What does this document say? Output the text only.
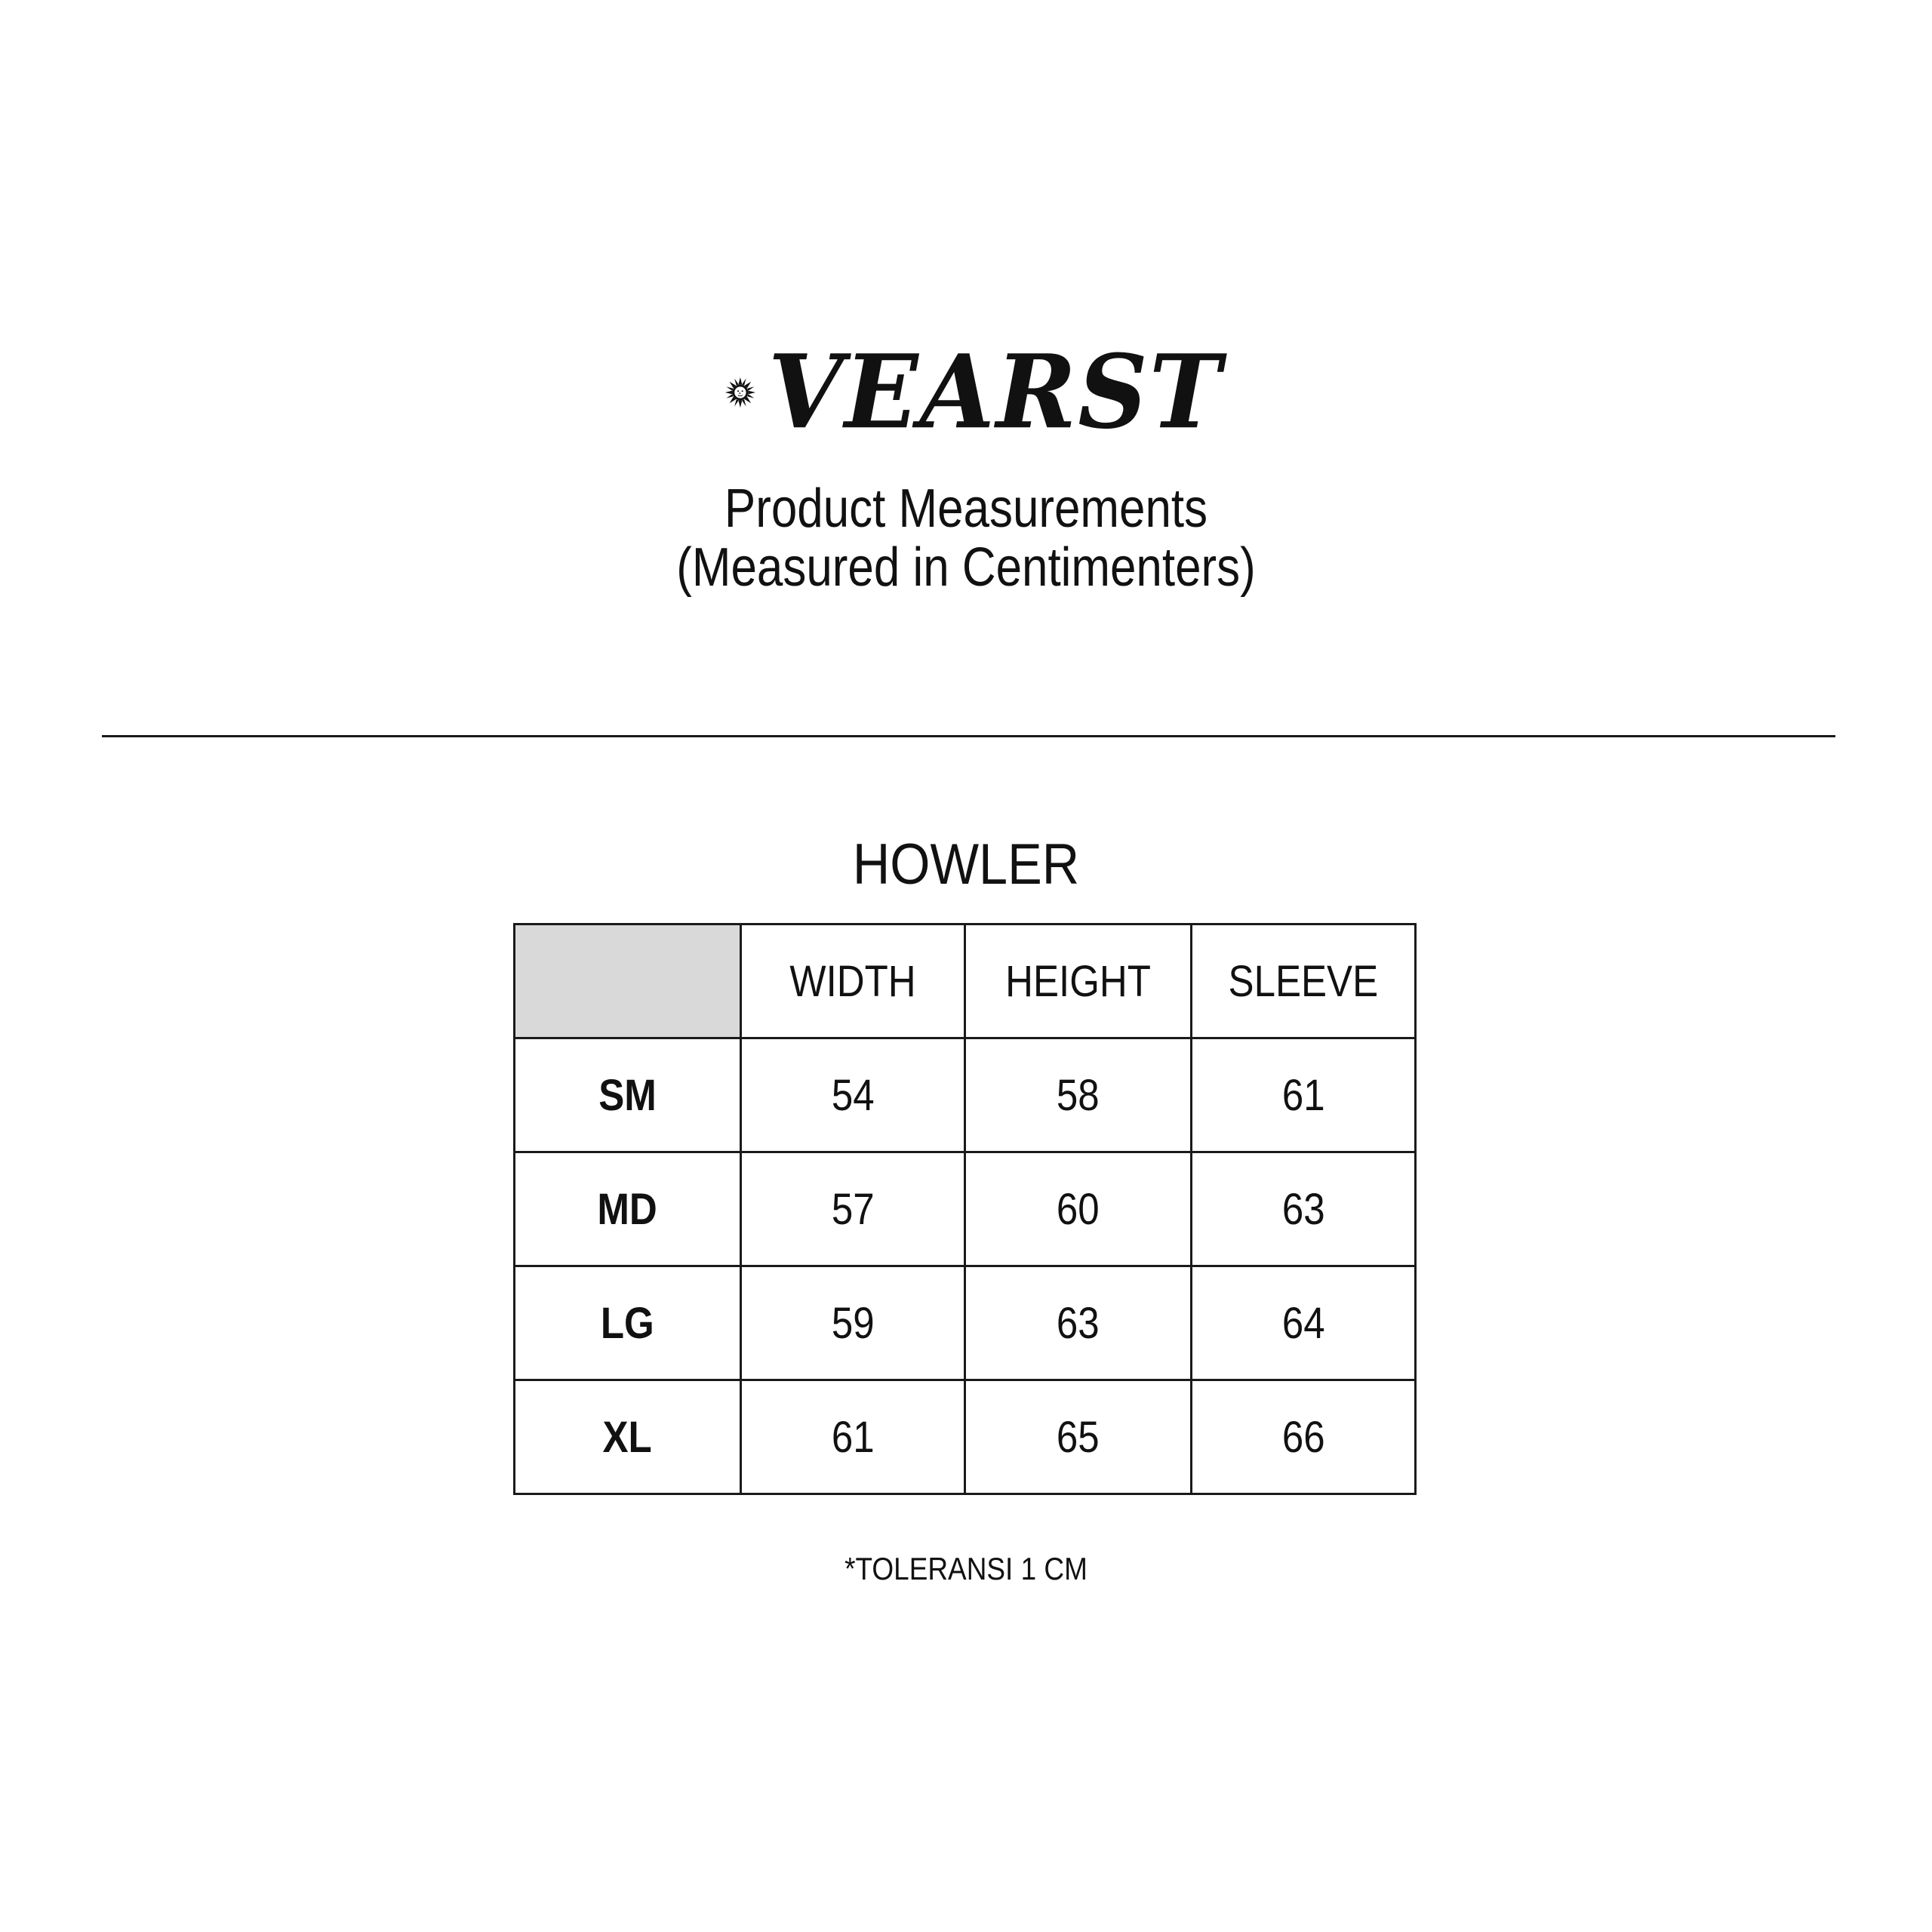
VEARST
Product Measurements
(Measured in Centimenters)
HOWLER
	WIDTH	HEIGHT	SLEEVE
SM	54	58	61
MD	57	60	63
LG	59	63	64
XL	61	65	66
*TOLERANSI 1 CM
